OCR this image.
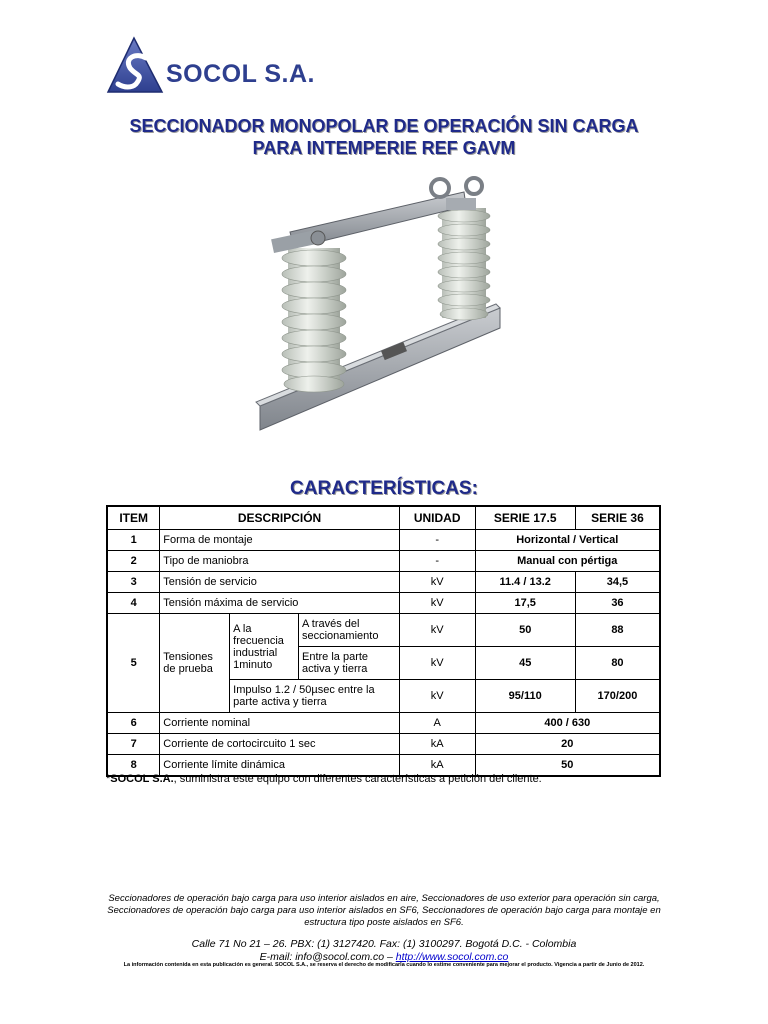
SOCOL S.A.
SECCIONADOR MONOPOLAR DE OPERACIÓN SIN CARGA
PARA INTEMPERIE REF GAVM
CARACTERÍSTICAS:
ITEM	DESCRIPCIÓN			UNIDAD	SERIE 17.5	SERIE 36
1	Forma de montaje			-	Horizontal / Vertical	
2	Tipo de maniobra			-	Manual con pértiga	
3	Tensión de servicio			kV	11.4 / 13.2	34,5
4	Tensión máxima de servicio			kV	17,5	36
5	Tensiones de prueba	A la frecuencia industrial 1minuto	A través del seccionamiento	kV	50	88
			Entre la parte activa y tierra	kV	45	80
		Impulso 1.2 / 50µsec entre la parte activa y tierra		kV	95/110	170/200
6	Corriente nominal			A	400 / 630	
7	Corriente de cortocircuito 1 sec			kA	20	
8	Corriente límite dinámica			kA	50	
*SOCOL S.A., suministra este equipo con diferentes características a petición del cliente.
Seccionadores de operación bajo carga para uso interior aislados en aire, Seccionadores de uso exterior para operación sin carga, Seccionadores de operación bajo carga para uso interior aislados en SF6, Seccionadores de operación bajo carga para montaje en estructura tipo poste aislados en SF6.
Calle 71 No 21 – 26. PBX: (1) 3127420. Fax: (1) 3100297. Bogotá D.C. - Colombia
E-mail: info@socol.com.co – http://www.socol.com.co
La información contenida en esta publicación es general. SOCOL S.A., se reserva el derecho de modificarla cuando lo estime conveniente para mejorar el producto. Vigencia a partir de Junio de 2012.
